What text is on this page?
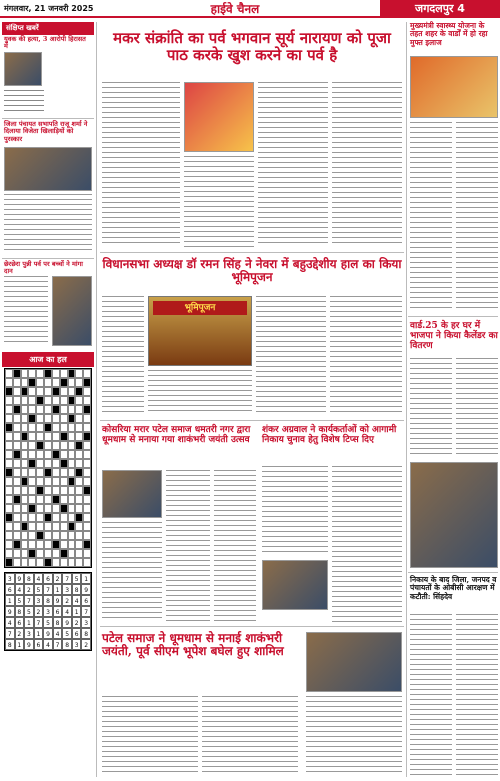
मंगलवार, 21 जनवरी 2025	हाईवे चैनल	जगदलपुर 4
संक्षिप्त खबरें
युवक की हत्या, 3 आरोपी हिरासत में
जिला पंचायत सभापति राजू शर्मा ने दिलाया विजेता खिलाड़ियों को पुरस्कार
छेरछेरा पुन्नी पर्व पर बच्चों ने मांगा दान
आज का हल
3 9 8 4 6 2 7 5 1
6 4 2 5 7 1 3 8 9
1 5 7 3 8 9 2 4 6
9 8 5 2 3 6 4 1 7
4 6 1 7 5 8 9 2 3
7 2 3 1 9 4 5 6 8
8 1 9 6 4 7 8 3 2
मकर संक्रांति का पर्व भगवान सूर्य नारायण को पूजा पाठ करके खुश करने का पर्व है
विधानसभा अध्यक्ष डॉ रमन सिंह ने नेवरा में बहुउद्देशीय हाल का किया भूमिपूजन
भूमिपूजन
कोसरिया मरार पटेल समाज धमतरी नगर द्वारा धूमधाम से मनाया गया शाकंभरी जयंती उत्सव
शंकर अग्रवाल ने कार्यकर्ताओं को आगामी निकाय चुनाव हेतु विशेष टिप्स दिए
पटेल समाज ने धूमधाम से मनाई शाकंभरी जयंती, पूर्व सीएम भूपेश बघेल हुए शामिल
मुख्यमंत्री स्वास्थ्य योजना के तहत शहर के वार्डों में हो रहा मुफ्त इलाज
वार्ड.25 के हर घर में भाजपा ने किया कैलेंडर का वितरण
निकाय के बाद जिला, जनपद व पंचायतों के ओबीसी आरक्षण में कटौती: सिंहदेव
